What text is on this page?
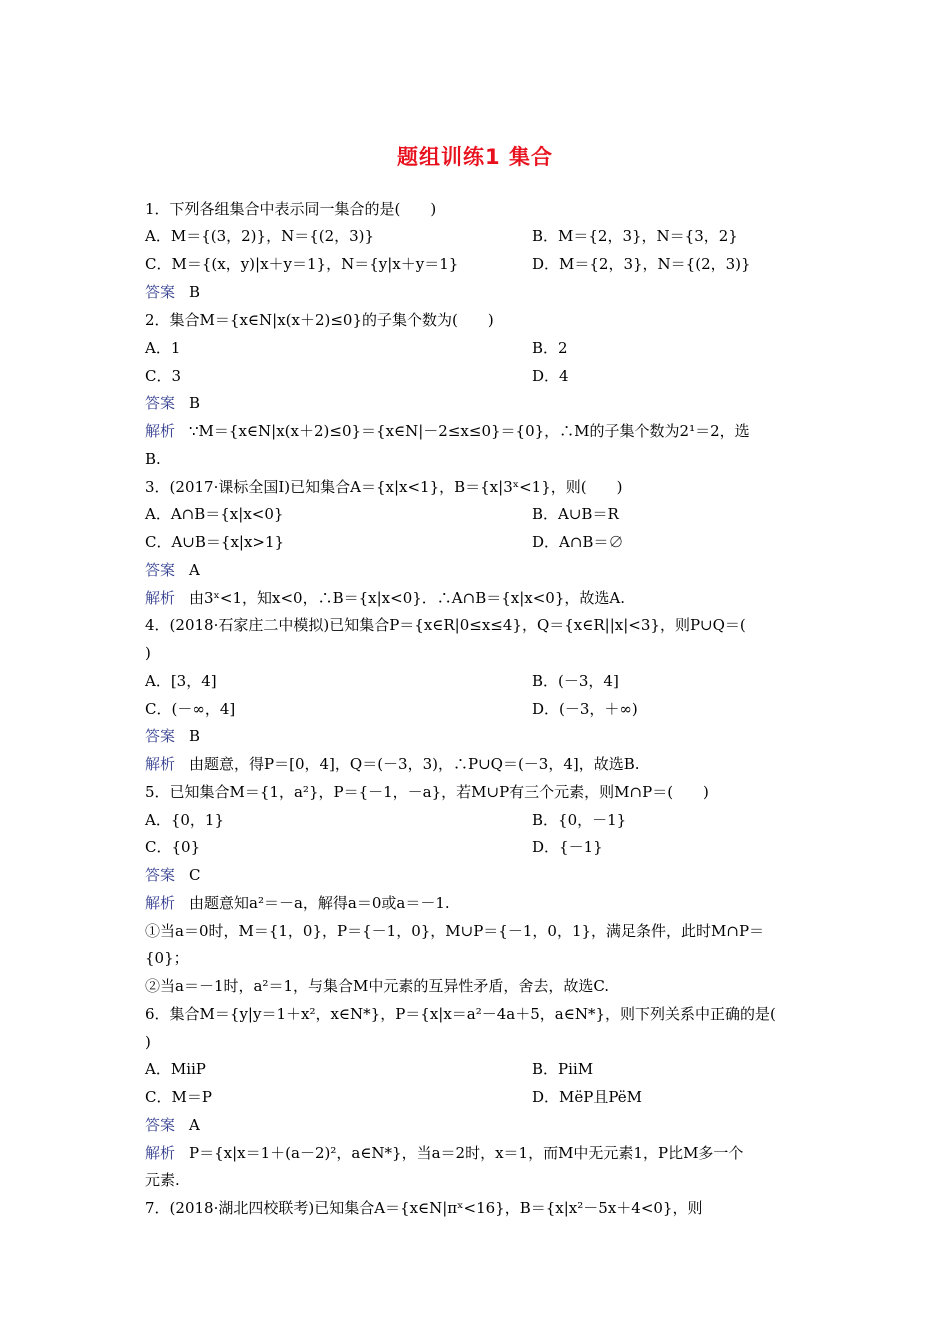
题组训练1 集合
1．下列各组集合中表示同一集合的是(　　)
A．M＝{(3，2)}，N＝{(2，3)}	B．M＝{2，3}，N＝{3，2}
C．M＝{(x，y)|x＋y＝1}，N＝{y|x＋y＝1}	D．M＝{2，3}，N＝{(2，3)}
答案 B
2．集合M＝{x∈N|x(x＋2)≤0}的子集个数为(　　)
A．1	B．2
C．3	D．4
答案 B
解析 ∵M＝{x∈N|x(x＋2)≤0}＝{x∈N|－2≤x≤0}＝{0}，∴M的子集个数为2¹＝2，选
B.
3．(2017·课标全国Ⅰ)已知集合A＝{x|x<1}，B＝{x|3ˣ<1}，则(　　)
A．A∩B＝{x|x<0}	B．A∪B＝R
C．A∪B＝{x|x>1}	D．A∩B＝∅
答案 A
解析 由3ˣ<1，知x<0，∴B＝{x|x<0}．∴A∩B＝{x|x<0}，故选A.
4．(2018·石家庄二中模拟)已知集合P＝{x∈R|0≤x≤4}，Q＝{x∈R||x|<3}，则P∪Q＝(
)
A．[3，4]	B．(－3，4]
C．(－∞，4]	D．(－3，＋∞)
答案 B
解析 由题意，得P＝[0，4]，Q＝(－3，3)，∴P∪Q＝(－3，4]，故选B.
5．已知集合M＝{1，a²}，P＝{－1，－a}，若M∪P有三个元素，则M∩P＝(　　)
A．{0，1}	B．{0，－1}
C．{0}	D．{－1}
答案 C
解析 由题意知a²＝－a，解得a＝0或a＝－1.
①当a＝0时，M＝{1，0}，P＝{－1，0}，M∪P＝{－1，0，1}，满足条件，此时M∩P＝
{0}；
②当a＝－1时，a²＝1，与集合M中元素的互异性矛盾，舍去，故选C.
6．集合M＝{y|y＝1＋x²，x∈N*}，P＝{x|x＝a²－4a＋5，a∈N*}，则下列关系中正确的是(
)
A．MⅱP	B．PⅱM
C．M＝P	D．MëP且PëM
答案 A
解析 P＝{x|x＝1＋(a－2)²，a∈N*}，当a＝2时，x＝1，而M中无元素1，P比M多一个
元素.
7．(2018·湖北四校联考)已知集合A＝{x∈N|πˣ<16}，B＝{x|x²－5x＋4<0}，则
